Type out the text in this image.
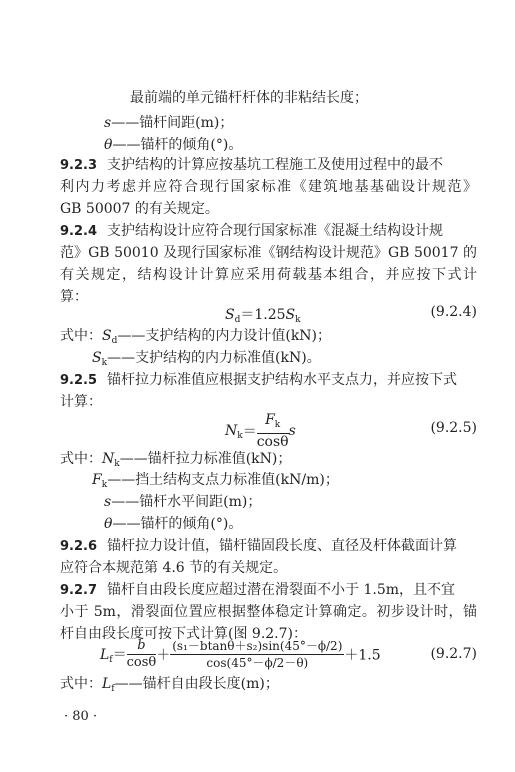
最前端的单元锚杆杆体的非粘结长度；
s——锚杆间距(m)；
θ——锚杆的倾角(°)。
9.2.3 支护结构的计算应按基坑工程施工及使用过程中的最不
利内力考虑并应符合现行国家标准《建筑地基基础设计规范》
GB 50007 的有关规定。
9.2.4 支护结构设计应符合现行国家标准《混凝土结构设计规
范》GB 50010 及现行国家标准《钢结构设计规范》GB 50017 的
有关规定，结构设计计算应采用荷载基本组合，并应按下式计
算：
$S_d=1.25S_k$	(9.2.4)
式中：$S_d——$支护结构的内力设计值(kN)；
$S_k——$支护结构的内力标准值(kN)。
9.2.5 锚杆拉力标准值应根据支护结构水平支点力，并应按下式
计算：
$N_k= \frac{F_k}{\cos\theta}$ s	(9.2.5)
式中：$N_k——$锚杆拉力标准值(kN)；
$F_k——$挡土结构支点力标准值(kN/m)；
s——锚杆水平间距(m)；
θ——锚杆的倾角(°)。
9.2.6 锚杆拉力设计值，锚杆锚固段长度、直径及杆体截面计算
应符合本规范第 4.6 节的有关规定。
9.2.7 锚杆自由段长度应超过潜在滑裂面不小于 1.5m，且不宜
小于 5m，滑裂面位置应根据整体稳定计算确定。初步设计时，锚
杆自由段长度可按下式计算(图 9.2.7)：
$L_f= \frac{b}{\cos\theta} + \frac{\text{(s₁－btanθ＋s₂)sin(45°－ϕ/2)}}{\cos(45^\circ-\phi/2-\theta)} +1.5$	(9.2.7)
式中：$L_f——$锚杆自由段长度(m)；
· 80 ·
